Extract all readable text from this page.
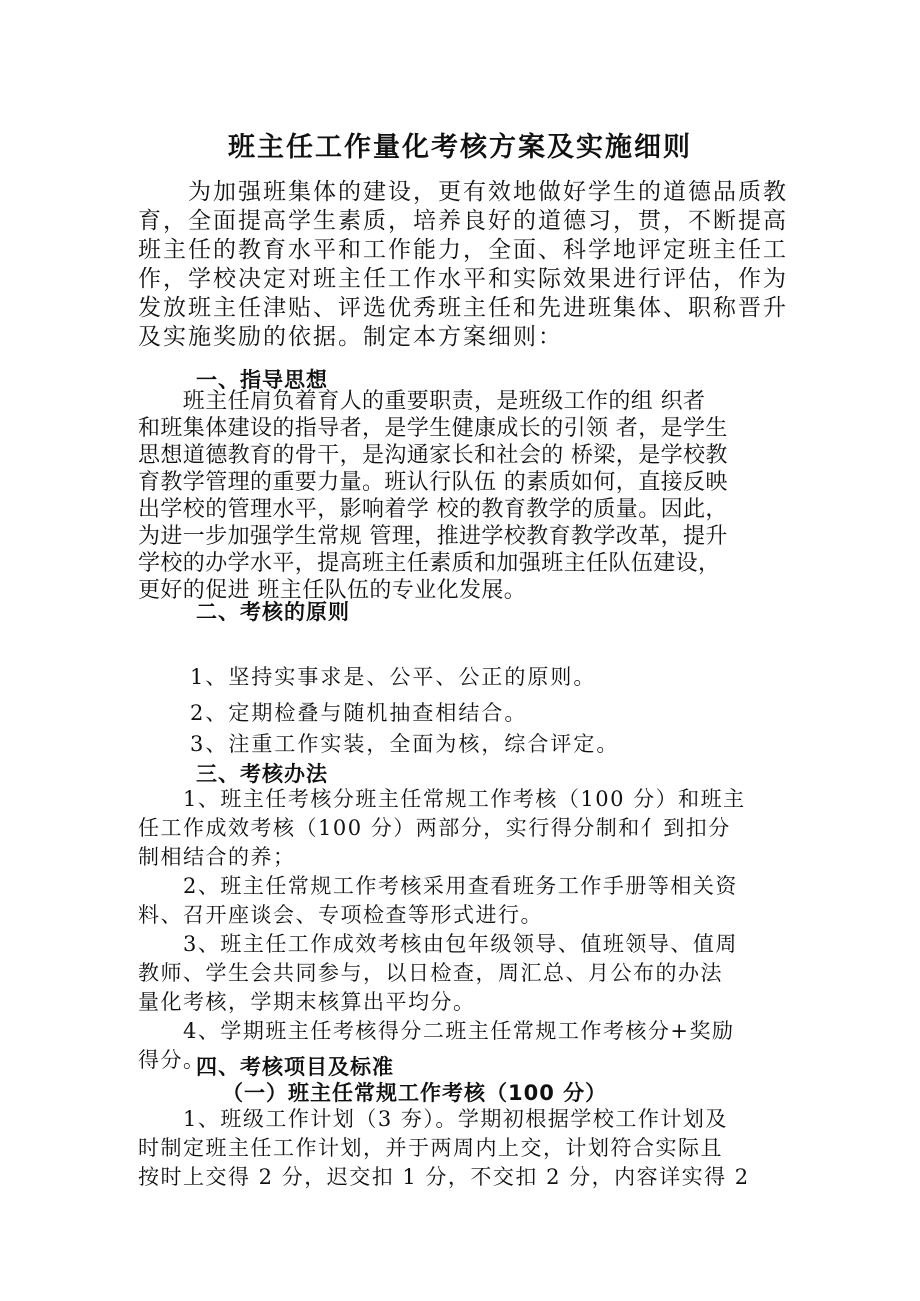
班主任工作量化考核方案及实施细则
　　为加强班集体的建设，更有效地做好学生的道德品质教
育，全面提高学生素质，培养良好的道德习，贯，不断提高
班主任的教育水平和工作能力，全面、科学地评定班主任工
作，学校决定对班主任工作水平和实际效果进行评估，作为
发放班主任津贴、评选优秀班主任和先进班集体、职称晋升
及实施奖励的依据。制定本方案细则：
一、指导思想
　　班主任肩负着育人的重要职责，是班级工作的组 织者
和班集体建设的指导者，是学生健康成长的引领 者，是学生
思想道德教育的骨干，是沟通家长和社会的 桥梁，是学校教
育教学管理的重要力量。班认行队伍 的素质如何，直接反映
出学校的管理水平，影响着学 校的教育教学的质量。因此，
为进一步加强学生常规 管理，推进学校教育教学改革，提升
学校的办学水平，提高班主任素质和加强班主任队伍建设，
更好的促进 班主任队伍的专业化发展。
二、考核的原则
1、坚持实事求是、公平、公正的原则。
2、定期检叠与随机抽查相结合。
3、注重工作实装，全面为核，综合评定。
三、考核办法
　　1、班主任考核分班主任常规工作考核（100 分）和班主
任工作成效考核（100 分）两部分，实行得分制和亻到扣分
制相结合的养；
　　2、班主任常规工作考核采用查看班务工作手册等相关资
料、召开座谈会、专项检查等形式进行。
　　3、班主任工作成效考核由包年级领导、值班领导、值周
教师、学生会共同参与，以日检查，周汇总、月公布的办法
量化考核，学期末核算出平均分。
　　4、学期班主任考核得分二班主任常规工作考核分+奖励
得分。
四、考核项目及标准
（一）班主任常规工作考核（100 分）
　　1、班级工作计划（3 夯）。学期初根据学校工作计划及
时制定班主任工作计划，并于两周内上交，计划符合实际且
按时上交得 2 分，迟交扣 1 分，不交扣 2 分，内容详实得 2
